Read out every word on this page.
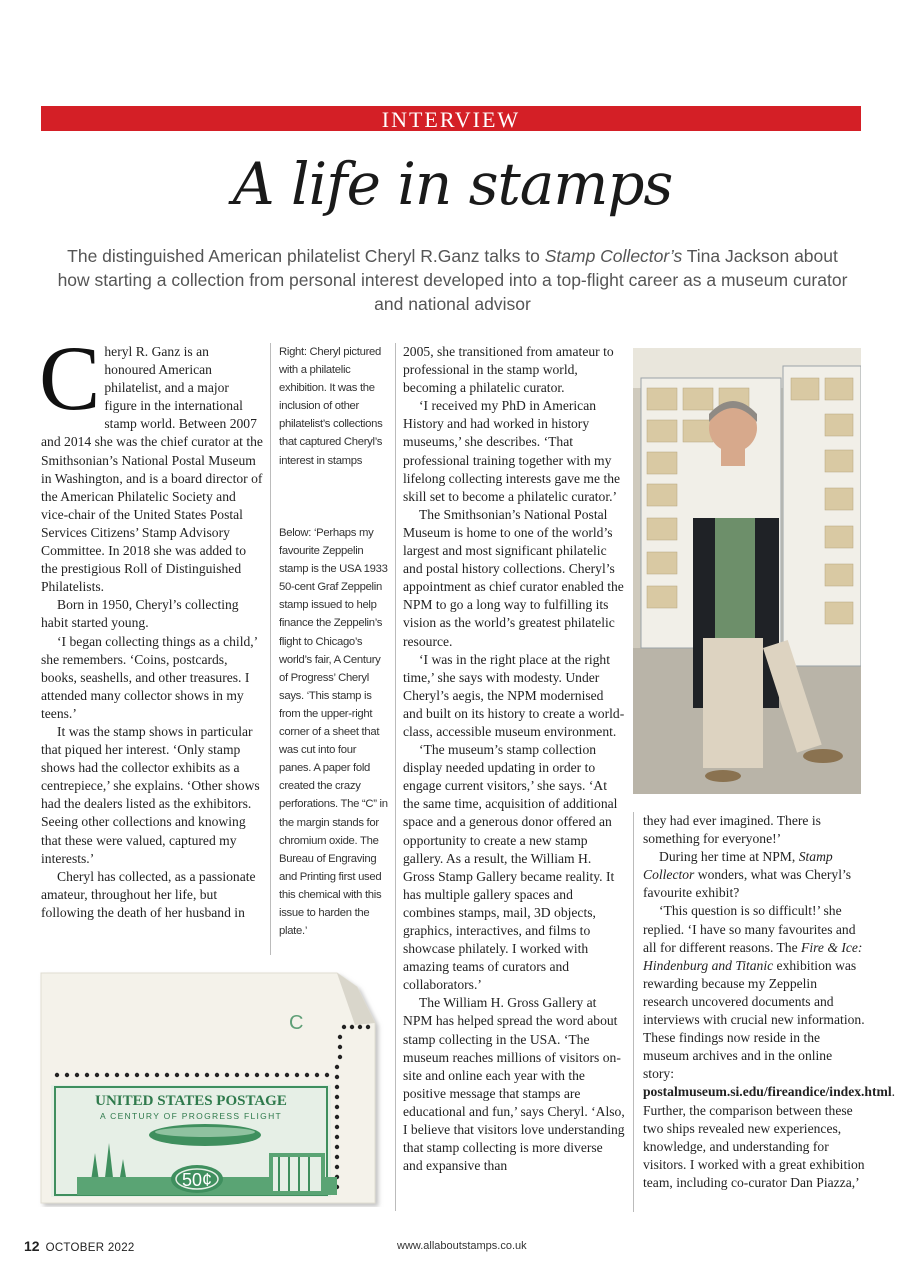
INTERVIEW
A life in stamps
The distinguished American philatelist Cheryl R.Ganz talks to Stamp Collector’s Tina Jackson about how starting a collection from personal interest developed into a top-flight career as a museum curator and national advisor

Cheryl R. Ganz is an honoured American philatelist, and a major figure in the international stamp world. Between 2007 and 2014 she was the chief curator at the Smithsonian’s National Postal Museum in Washington, and is a board director of the American Philatelic Society and vice-chair of the United States Postal Services Citizens’ Stamp Advisory Committee. In 2018 she was added to the prestigious Roll of Distinguished Philatelists.

Born in 1950, Cheryl’s collecting habit started young.

‘I began collecting things as a child,’ she remembers. ‘Coins, postcards, books, seashells, and other treasures. I attended many collector shows in my teens.’

It was the stamp shows in particular that piqued her interest. ‘Only stamp shows had the collector exhibits as a centrepiece,’ she explains. ‘Other shows had the dealers listed as the exhibitors. Seeing other collections and knowing that these were valued, captured my interests.’

Cheryl has collected, as a passionate amateur, throughout her life, but following the death of her husband in

Right: Cheryl pictured with a philatelic exhibition. It was the inclusion of other philatelist’s collections that captured Cheryl’s interest in stamps

Below: ‘Perhaps my favourite Zeppelin stamp is the USA 1933 50-cent Graf Zeppelin stamp issued to help finance the Zeppelin’s flight to Chicago’s world’s fair, A Century of Progress’ Cheryl says. ‘This stamp is from the upper-right corner of a sheet that was cut into four panes. A paper fold created the crazy perforations. The “C” in the margin stands for chromium oxide. The Bureau of Engraving and Printing first used this chemical with this issue to harden the plate.’

2005, she transitioned from amateur to professional in the stamp world, becoming a philatelic curator.

‘I received my PhD in American History and had worked in history museums,’ she describes. ‘That professional training together with my lifelong collecting interests gave me the skill set to become a philatelic curator.’

The Smithsonian’s National Postal Museum is home to one of the world’s largest and most significant philatelic and postal history collections. Cheryl’s appointment as chief curator enabled the NPM to go a long way to fulfilling its vision as the world’s greatest philatelic resource.

‘I was in the right place at the right time,’ she says with modesty. Under Cheryl’s aegis, the NPM modernised and built on its history to create a world-class, accessible museum environment.

‘The museum’s stamp collection display needed updating in order to engage current visitors,’ she says. ‘At the same time, acquisition of additional space and a generous donor offered an opportunity to create a new stamp gallery. As a result, the William H. Gross Stamp Gallery became reality. It has multiple gallery spaces and combines stamps, mail, 3D objects, graphics, interactives, and films to showcase philately. I worked with amazing teams of curators and collaborators.’

The William H. Gross Gallery at NPM has helped spread the word about stamp collecting in the USA. ‘The museum reaches millions of visitors on-site and online each year with the positive message that stamps are educational and fun,’ says Cheryl. ‘Also, I believe that visitors love understanding that stamp collecting is more diverse and expansive than

they had ever imagined. There is something for everyone!’

During her time at NPM, Stamp Collector wonders, what was Cheryl’s favourite exhibit?

‘This question is so difficult!’ she replied. ‘I have so many favourites and all for different reasons. The Fire & Ice: Hindenburg and Titanic exhibition was rewarding because my Zeppelin research uncovered documents and interviews with crucial new information. These findings now reside in the museum archives and in the online story: postalmuseum.si.edu/fireandice/index.html. Further, the comparison between these two ships revealed new experiences, knowledge, and understanding for visitors. I worked with a great exhibition team, including co-curator Dan Piazza,’

C
UNITED STATES POSTAGE
A CENTURY OF PROGRESS FLIGHT
50¢
12 OCTOBER 2022	www.allaboutstamps.co.uk
